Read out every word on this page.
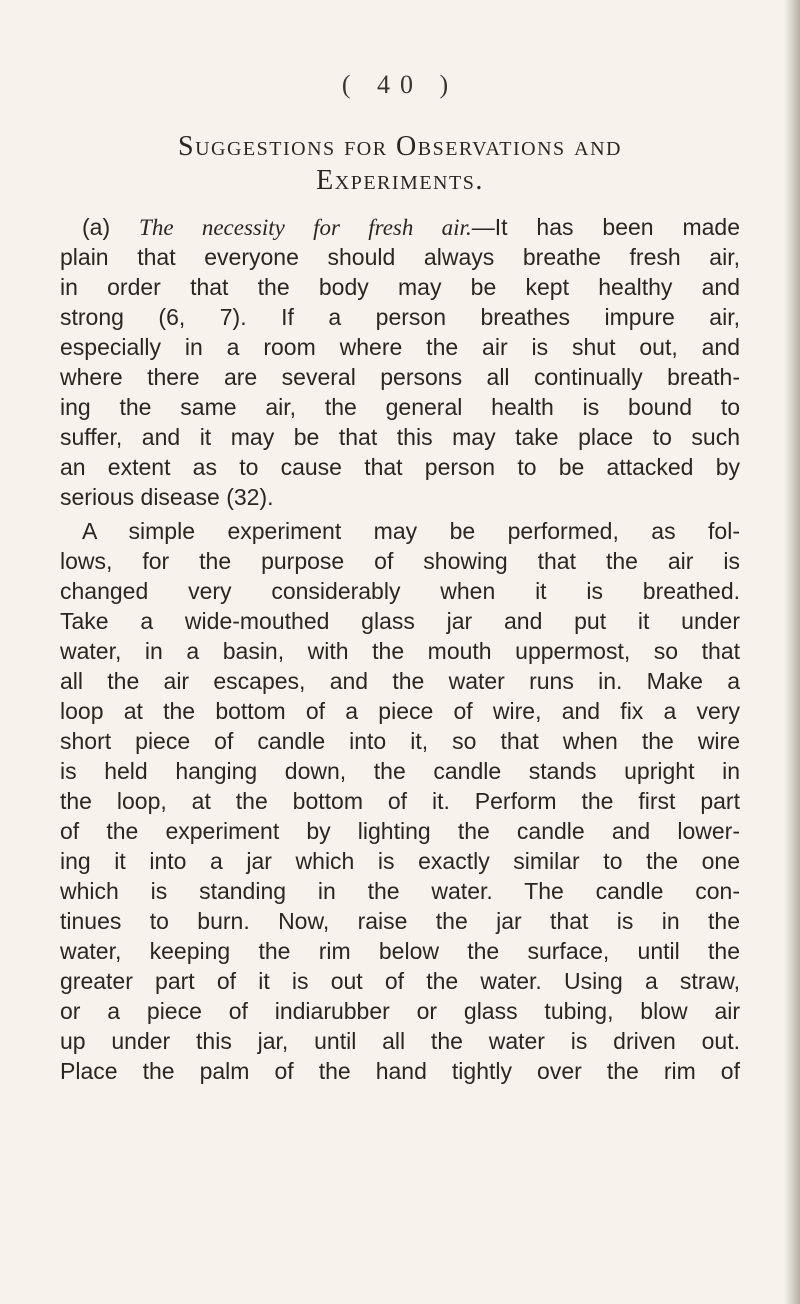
( 40 )
Suggestions for Observations and
Experiments.
(a) The necessity for fresh air.—It has been made
plain that everyone should always breathe fresh air,
in order that the body may be kept healthy and
strong (6, 7). If a person breathes impure air,
especially in a room where the air is shut out, and
where there are several persons all continually breath-
ing the same air, the general health is bound to
suffer, and it may be that this may take place to such
an extent as to cause that person to be attacked by
serious disease (32).
A simple experiment may be performed, as fol-
lows, for the purpose of showing that the air is
changed very considerably when it is breathed.
Take a wide-mouthed glass jar and put it under
water, in a basin, with the mouth uppermost, so that
all the air escapes, and the water runs in. Make a
loop at the bottom of a piece of wire, and fix a very
short piece of candle into it, so that when the wire
is held hanging down, the candle stands upright in
the loop, at the bottom of it. Perform the first part
of the experiment by lighting the candle and lower-
ing it into a jar which is exactly similar to the one
which is standing in the water. The candle con-
tinues to burn. Now, raise the jar that is in the
water, keeping the rim below the surface, until the
greater part of it is out of the water. Using a straw,
or a piece of indiarubber or glass tubing, blow air
up under this jar, until all the water is driven out.
Place the palm of the hand tightly over the rim of
